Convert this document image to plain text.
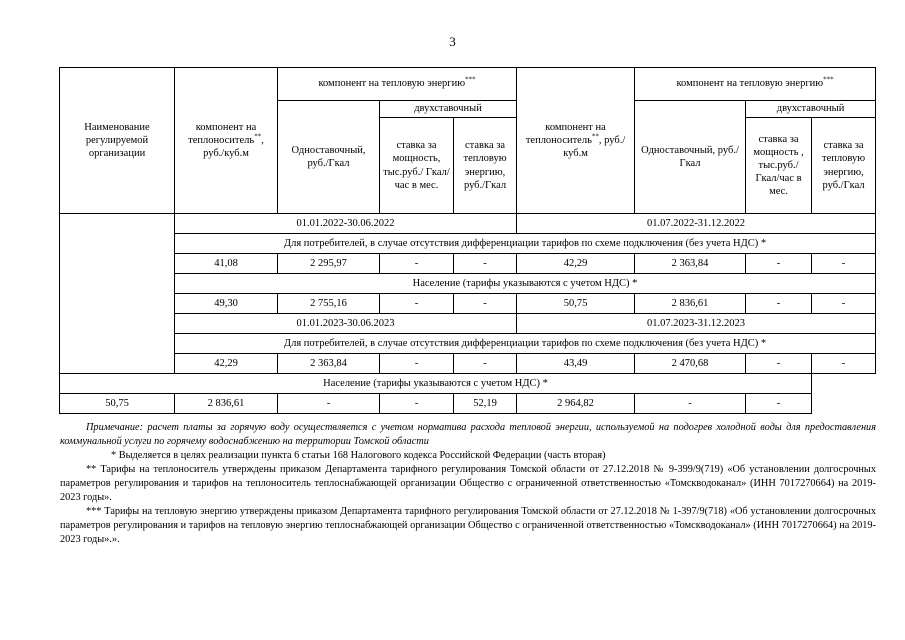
3
Наименование регулируемой организации	компонент на теплоноситель**, руб./куб.м	компонент на тепловую энергию***			компонент на теплоноситель**, руб./куб.м	компонент на тепловую энергию***
		Одноставочный, руб./Гкал	двухставочный			Одноставочный, руб./Гкал	двухставочный	
			ставка за мощность, тыс.руб./ Гкал/час в мес.	ставка за тепловую энергию, руб./Гкал			ставка за мощность , тыс.руб./ Гкал/час в мес.	ставка за тепловую энергию, руб./Гкал
	01.01.2022-30.06.2022				01.07.2022-31.12.2022			
	Для потребителей, в случае отсутствия дифференциации тарифов по схеме подключения (без учета НДС) *							
	41,08	2 295,97	-	-	42,29	2 363,84	-	-
	Население (тарифы указываются с учетом НДС) *							
	49,30	2 755,16	-	-	50,75	2 836,61	-	-
	01.01.2023-30.06.2023				01.07.2023-31.12.2023			
	Для потребителей, в случае отсутствия дифференциации тарифов по схеме подключения (без учета НДС) *							
	42,29	2 363,84	-	-	43,49	2 470,68	-	-
Население (тарифы указываются с учетом НДС) *								
50,75	2 836,61	-	-	52,19	2 964,82	-	-	

Примечание: расчет платы за горячую воду осуществляется с учетом норматива расхода тепловой энергии, используемой на подогрев холодной воды для предоставления коммунальной услуги по горячему водоснабжению на территории Томской области

* Выделяется в целях реализации пункта 6 статьи 168 Налогового кодекса Российской Федерации (часть вторая)

** Тарифы на теплоноситель утверждены приказом Департамента тарифного регулирования Томской области от 27.12.2018 № 9-399/9(719) «Об установлении долгосрочных параметров регулирования и тарифов на теплоноситель теплоснабжающей организации Общество с ограниченной ответственностью «Томскводоканал» (ИНН 7017270664) на 2019-2023 годы».

*** Тарифы на тепловую энергию утверждены приказом Департамента тарифного регулирования Томской области от 27.12.2018 № 1-397/9(718) «Об установлении долгосрочных параметров регулирования и тарифов на тепловую энергию теплоснабжающей организации Общество с ограниченной ответственностью «Томскводоканал» (ИНН 7017270664) на 2019-2023 годы».».
